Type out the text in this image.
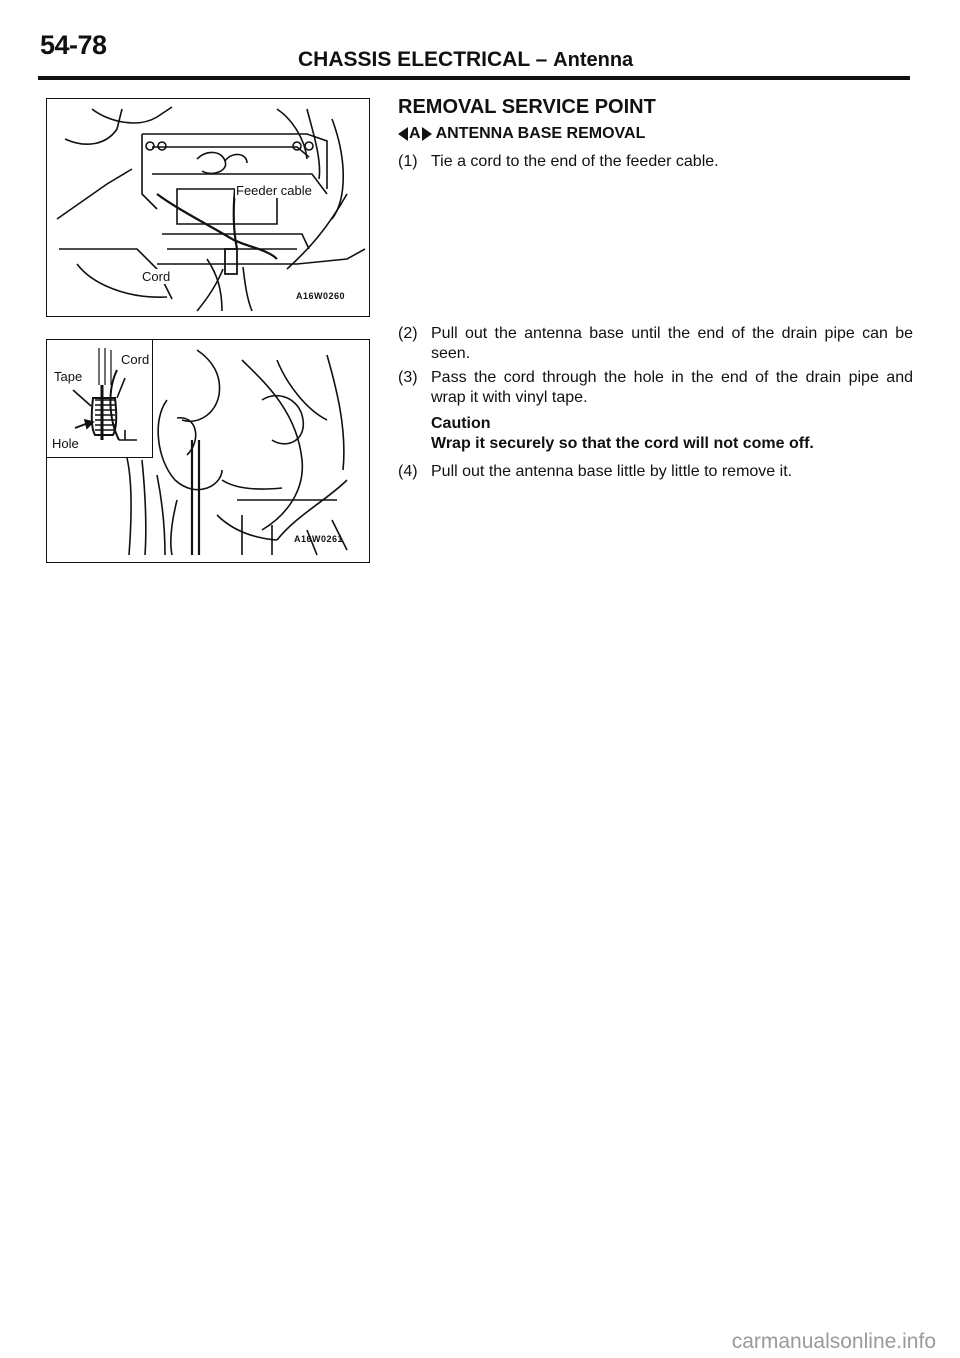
54-78	CHASSIS ELECTRICAL – Antenna
Feeder cable
Cord
A16W0260
Cord
Tape
Hole
A16W0261
REMOVAL SERVICE POINT
A ANTENNA BASE REMOVAL
(1) Tie a cord to the end of the feeder cable.
(2) Pull out the antenna base until the end of the drain pipe can be seen.
(3) Pass the cord through the hole in the end of the drain pipe and wrap it with vinyl tape.
Caution
Wrap it securely so that the cord will not come off.
(4) Pull out the antenna base little by little to remove it.
carmanualsonline.info
